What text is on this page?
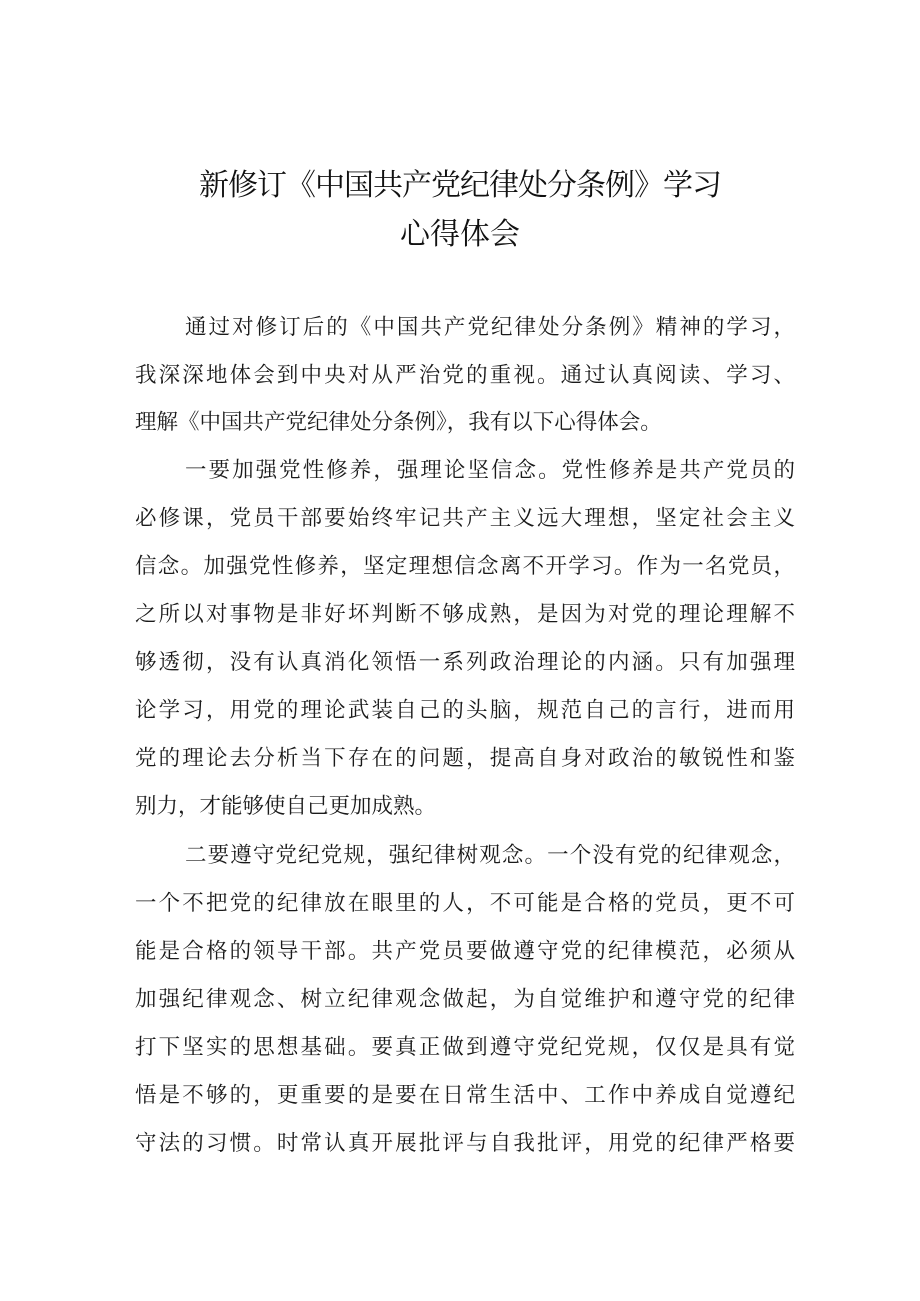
新修订《中国共产党纪律处分条例》学习
心得体会
通过对修订后的《中国共产党纪律处分条例》精神的学习，
我深深地体会到中央对从严治党的重视。通过认真阅读、学习、
理解《中国共产党纪律处分条例》，我有以下心得体会。
一要加强党性修养，强理论坚信念。党性修养是共产党员的
必修课，党员干部要始终牢记共产主义远大理想，坚定社会主义
信念。加强党性修养，坚定理想信念离不开学习。作为一名党员，
之所以对事物是非好坏判断不够成熟，是因为对党的理论理解不
够透彻，没有认真消化领悟一系列政治理论的内涵。只有加强理
论学习，用党的理论武装自己的头脑，规范自己的言行，进而用
党的理论去分析当下存在的问题，提高自身对政治的敏锐性和鉴
别力，才能够使自己更加成熟。
二要遵守党纪党规，强纪律树观念。一个没有党的纪律观念，
一个不把党的纪律放在眼里的人，不可能是合格的党员，更不可
能是合格的领导干部。共产党员要做遵守党的纪律模范，必须从
加强纪律观念、树立纪律观念做起，为自觉维护和遵守党的纪律
打下坚实的思想基础。要真正做到遵守党纪党规，仅仅是具有觉
悟是不够的，更重要的是要在日常生活中、工作中养成自觉遵纪
守法的习惯。时常认真开展批评与自我批评，用党的纪律严格要
